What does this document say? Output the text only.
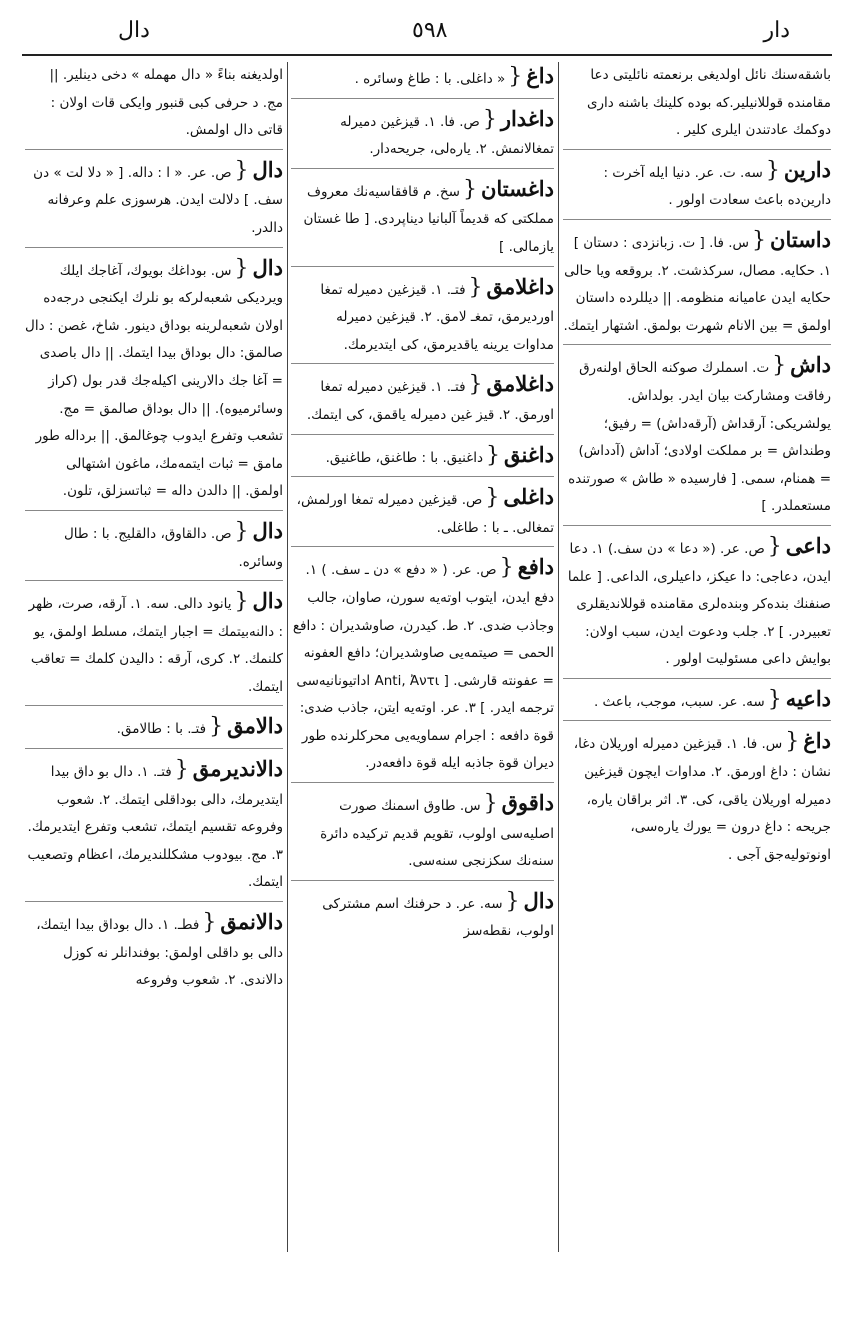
دال	٥٩٨	دار
باشقه‌سنك نائل اولديغى برنعمته نائليتى دعا مقامنده قوللانيلير.كه بوده كلينك باشنه دارى دوكمك عادتندن ايلرى كلير .
دارين{سه. ت. عر. دنيا ايله آخرت : دارين‌ده باعث سعادت اولور .
داستان{س. فا. [ ت. زبانزدى : دستان ] ١. حكايه. مصال، سركذشت. ٢. بروقعه ويا حالى حكايه ايدن عاميانه منظومه. || ديللرده داستان اولمق = بين الانام شهرت بولمق. اشتهار ايتمك.
داش{ت. اسملرك صوكنه الحاق اولنه‌رق رفاقت ومشاركت بيان ايدر. بولداش. يولشريكى: آرقداش (آرقه‌داش) = رفيق؛ وطنداش = بر مملكت اولادى؛ آداش (آدداش) = همنام، سمى. [ فارسيده « طاش » صورتنده مستعملدر. ]
داعى{ص. عر. (« دعا » دن سف.) ١. دعا ايدن، دعاجى: دا عيكز، داعيلرى، الداعى. [ علما صنفنك بنده‌كر وبنده‌لرى مقامنده قوللانديقلرى تعبيردر. ] ٢. جلب ودعوت ايدن، سبب اولان: بوايش داعى مسئوليت اولور .
داعيه{سه. عر. سبب، موجب، باعث .
داغ{س. فا. ١. قيزغين دميرله اوريلان دغا، نشان : داغ اورمق. ٢. مداوات ايچون قيزغين دميرله اوريلان ياقى، كى. ٣. اثر براقان ياره، جريحه : داغ درون = يورك يارەسى، اونوتوليه‌جق آجى .
داغ{« داغلى. با : طاغ وسائره .
داغدار{ص. فا. ١. قيزغين دميرله تمغالانمش. ٢. يارەلى، جريحەدار.
داغستان{سخ. م قافقاسيەنك معروف مملكتى كه قديماً آلبانيا ديناپردى. [ طا غستان يازمالى. ]
داغلامق{فتـ. ١. قيزغين دميرله تمغا اوردیرمق، تمغـ لامق. ٢. قيزغين دميرله مداوات يرينه ياقديرمق، كى ايتديرمك.
داغلامق{فتـ. ١. قيزغين دميرله تمغا اورمق. ٢. قيز غين دميرله ياقمق، كى ايتمك.
داغنق{داغنيق. با : طاغنق، طاغنيق.
داغلى{ص. قيزغين دميرله تمغا اورلمش، تمغالى. ـ با : طاغلى.
دافع{ص. عر. ( « دفع » دن ـ سف. ) ١. دفع ايدن، ايتوب اوته‌يه سورن، صاوان، جالب وجاذب ضدى. ٢. ط. كيدرن، صاوشديران : دافع الحمى = صيتمەيى صاوشديران؛ دافع العفونه = عفونته قارشى. [ Anti, Ἀντι اداتيونانيه‌سى ترجمه ايدر. ] ٣. عر. اوته‌يه ايتن، جاذب ضدى: قوة دافعه : اجرام سماويەيى محركلرنده طور ديران قوة جاذبه ايله قوة دافعه‌در.
داقوق{س. طاوق اسمنك صورت اصليه‌سى اولوب، تقويم قديم تركيده دائرة سنەنك سكزنجى سنه‌سى.
دال{سه. عر. د حرفنك اسم مشتركى اولوب، نقطه‌سز
اولديغنه بناءً « دال مهمله » دخى دينلير. || مج. د حرفى كبى قنبور وايكى قات اولان : قاتى دال اولمش.
دال{ص. عر. « ا : داله. [ « دلا لت » دن سف. ] دلالت ايدن. هرسوزى علم وعرفانه دالدر.
دال{س. بوداغك بويوك، آغاجك ايلك ويرديكى شعبه‌لركه بو نلرك ايكنجى درجه‌ده اولان شعبه‌لرينه بوداق دينور. شاخ، غصن : دال صالمق: دال بوداق بيدا ايتمك. || دال باصدى = آغا جك دالارينى اكيلەجك قدر بول (كراز وسائرميوه). || دال بوداق صالمق = مج. تشعب وتفرع ايدوب چوغالمق. || برداله طور مامق = ثبات ايتمه‌مك، ماغون اشتهالى اولمق. || دالدن داله = ثباتسزلق، تلون.
دال{ص. دالقاوق، دالقليج. با : طال وسائره.
دال{يانود دالى. سه. ١. آرقه، صرت، ظهر : دالنه‌بيتمك = اجبار ايتمك، مسلط اولمق، يو كلنمك. ٢. كرى، آرقه : داليدن كلمك = تعاقب ايتمك.
دالامق{فتـ. با : طالامق.
دالاندیرمق{فتـ. ١. دال بو داق بيدا ايتديرمك، دالى بوداقلى ايتمك. ٢. شعوب وفروعه تقسيم ايتمك، تشعب وتفرع ايتديرمك. ٣. مج. بيودوب مشكللنديرمك، اعظام وتصعيب ايتمك.
دالانمق{فطـ. ١. دال بوداق بيدا ايتمك، دالى بو داقلى اولمق: بوفندانلر نه كوزل دالاندى. ٢. شعوب وفروعه
